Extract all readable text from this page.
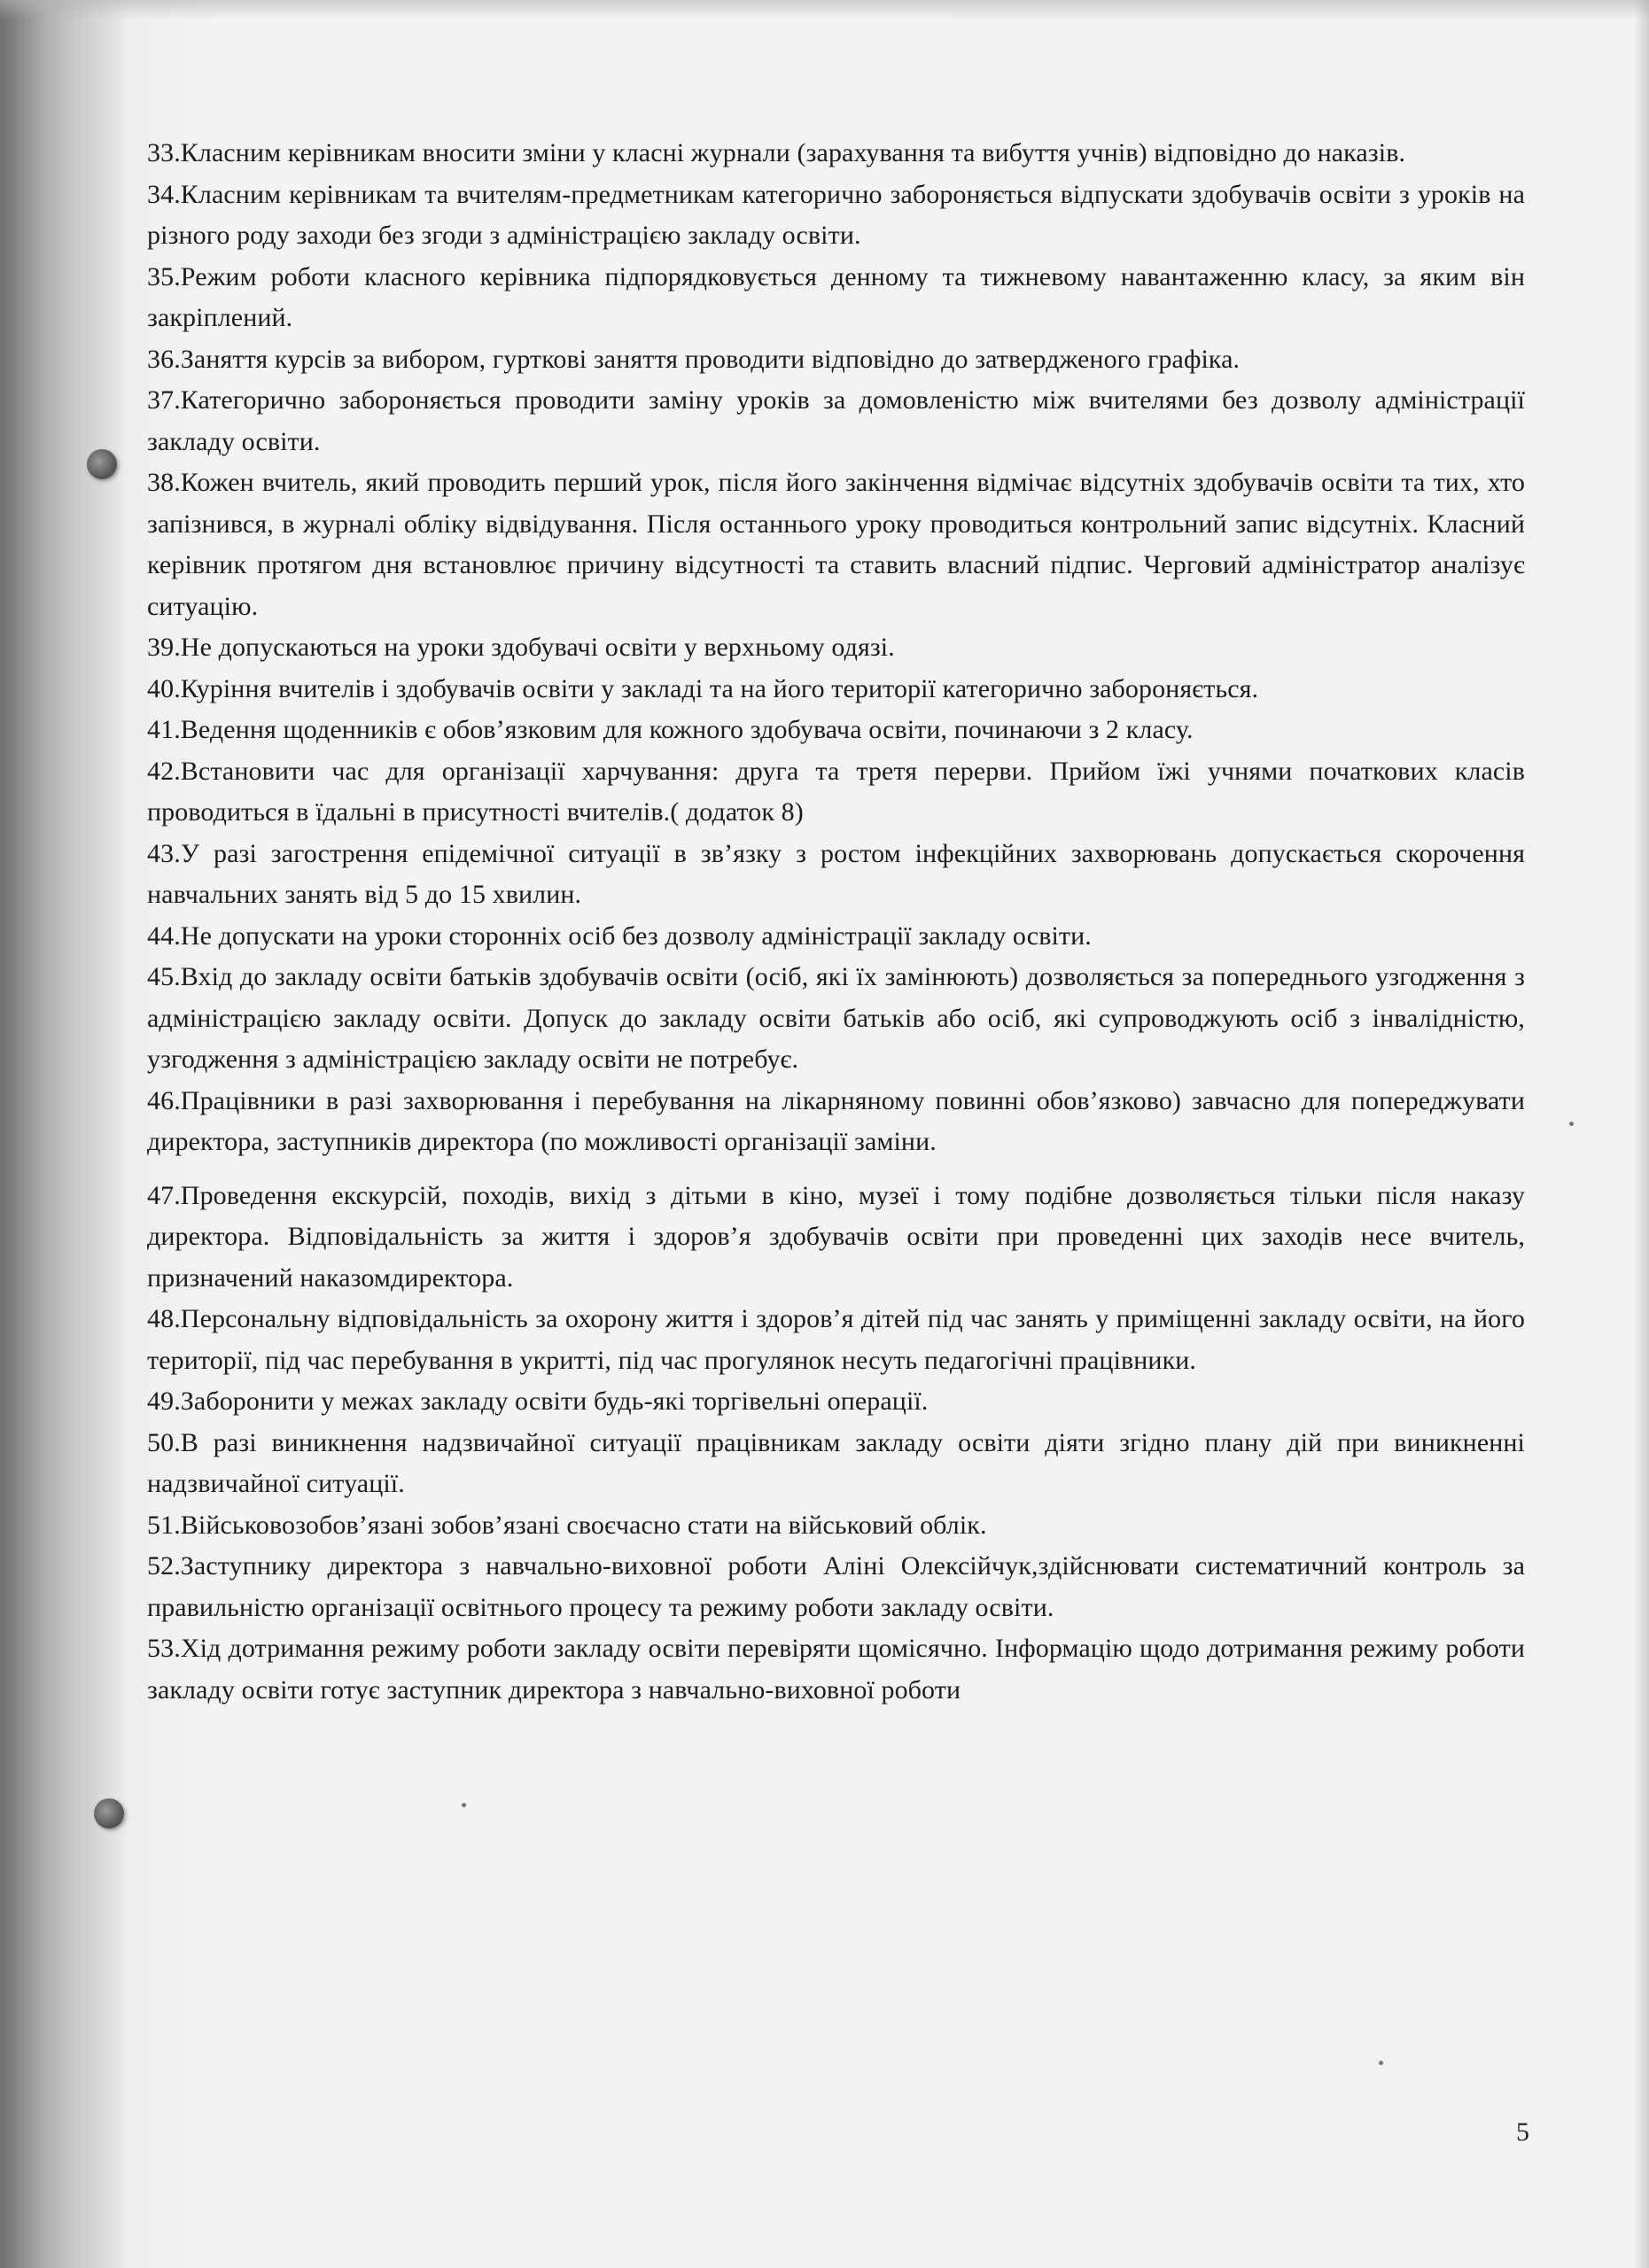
33.Класним керівникам вносити зміни у класні журнали (зарахування та вибуття учнів) відповідно до наказів.

34.Класним керівникам та вчителям-предметникам категорично забороняється відпускати здобувачів освіти з уроків на різного роду заходи без згоди з адміністрацією закладу освіти.

35.Режим роботи класного керівника підпорядковується денному та тижневому навантаженню класу, за яким він закріплений.

36.Заняття курсів за вибором, гурткові заняття проводити відповідно до затвердженого графіка.

37.Категорично забороняється проводити заміну уроків за домовленістю між вчителями без дозволу адміністрації закладу освіти.

38.Кожен вчитель, який проводить перший урок, після його закінчення відмічає відсутніх здобувачів освіти та тих, хто запізнився, в журналі обліку відвідування. Після останнього уроку проводиться контрольний запис відсутніх. Класний керівник протягом дня встановлює причину відсутності та ставить власний підпис. Черговий адміністратор аналізує ситуацію.

39.Не допускаються на уроки здобувачі освіти у верхньому одязі.

40.Куріння вчителів і здобувачів освіти у закладі та на його території категорично забороняється.

41.Ведення щоденників є обов’язковим для кожного здобувача освіти, починаючи з 2 класу.

42.Встановити час для організації харчування: друга та третя перерви. Прийом їжі учнями початкових класів проводиться в їдальні в присутності вчителів.( додаток 8)

43.У разі загострення епідемічної ситуації в зв’язку з ростом інфекційних захворювань допускається скорочення навчальних занять від 5 до 15 хвилин.

44.Не допускати на уроки сторонніх осіб без дозволу адміністрації закладу освіти.

45.Вхід до закладу освіти батьків здобувачів освіти (осіб, які їх замінюють) дозволяється за попереднього узгодження з адміністрацією закладу освіти. Допуск до закладу освіти батьків або осіб, які супроводжують осіб з інвалідністю, узгодження з адміністрацією закладу освіти не потребує.

46.Працівники в разі захворювання і перебування на лікарняному повинні обов’язково) завчасно для попереджувати директора, заступників директора (по можливості організації заміни.

47.Проведення екскурсій, походів, вихід з дітьми в кіно, музеї і тому подібне дозволяється тільки після наказу директора. Відповідальність за життя і здоров’я здобувачів освіти при проведенні цих заходів несе вчитель, призначений наказомдиректора.

48.Персональну відповідальність за охорону життя і здоров’я дітей під час занять у приміщенні закладу освіти, на його території, під час перебування в укритті, під час прогулянок несуть педагогічні працівники.

49.Заборонити у межах закладу освіти будь-які торгівельні операції.

50.В разі виникнення надзвичайної ситуації працівникам закладу освіти діяти згідно плану дій при виникненні надзвичайної ситуації.

51.Військовозобов’язані зобов’язані своєчасно стати на військовий облік.

52.Заступнику директора з навчально-виховної роботи Аліні Олексійчук,здійснювати систематичний контроль за правильністю організації освітнього процесу та режиму роботи закладу освіти.

53.Хід дотримання режиму роботи закладу освіти перевіряти щомісячно. Інформацію щодо дотримання режиму роботи закладу освіти готує заступник директора з навчально-виховної роботи

5
